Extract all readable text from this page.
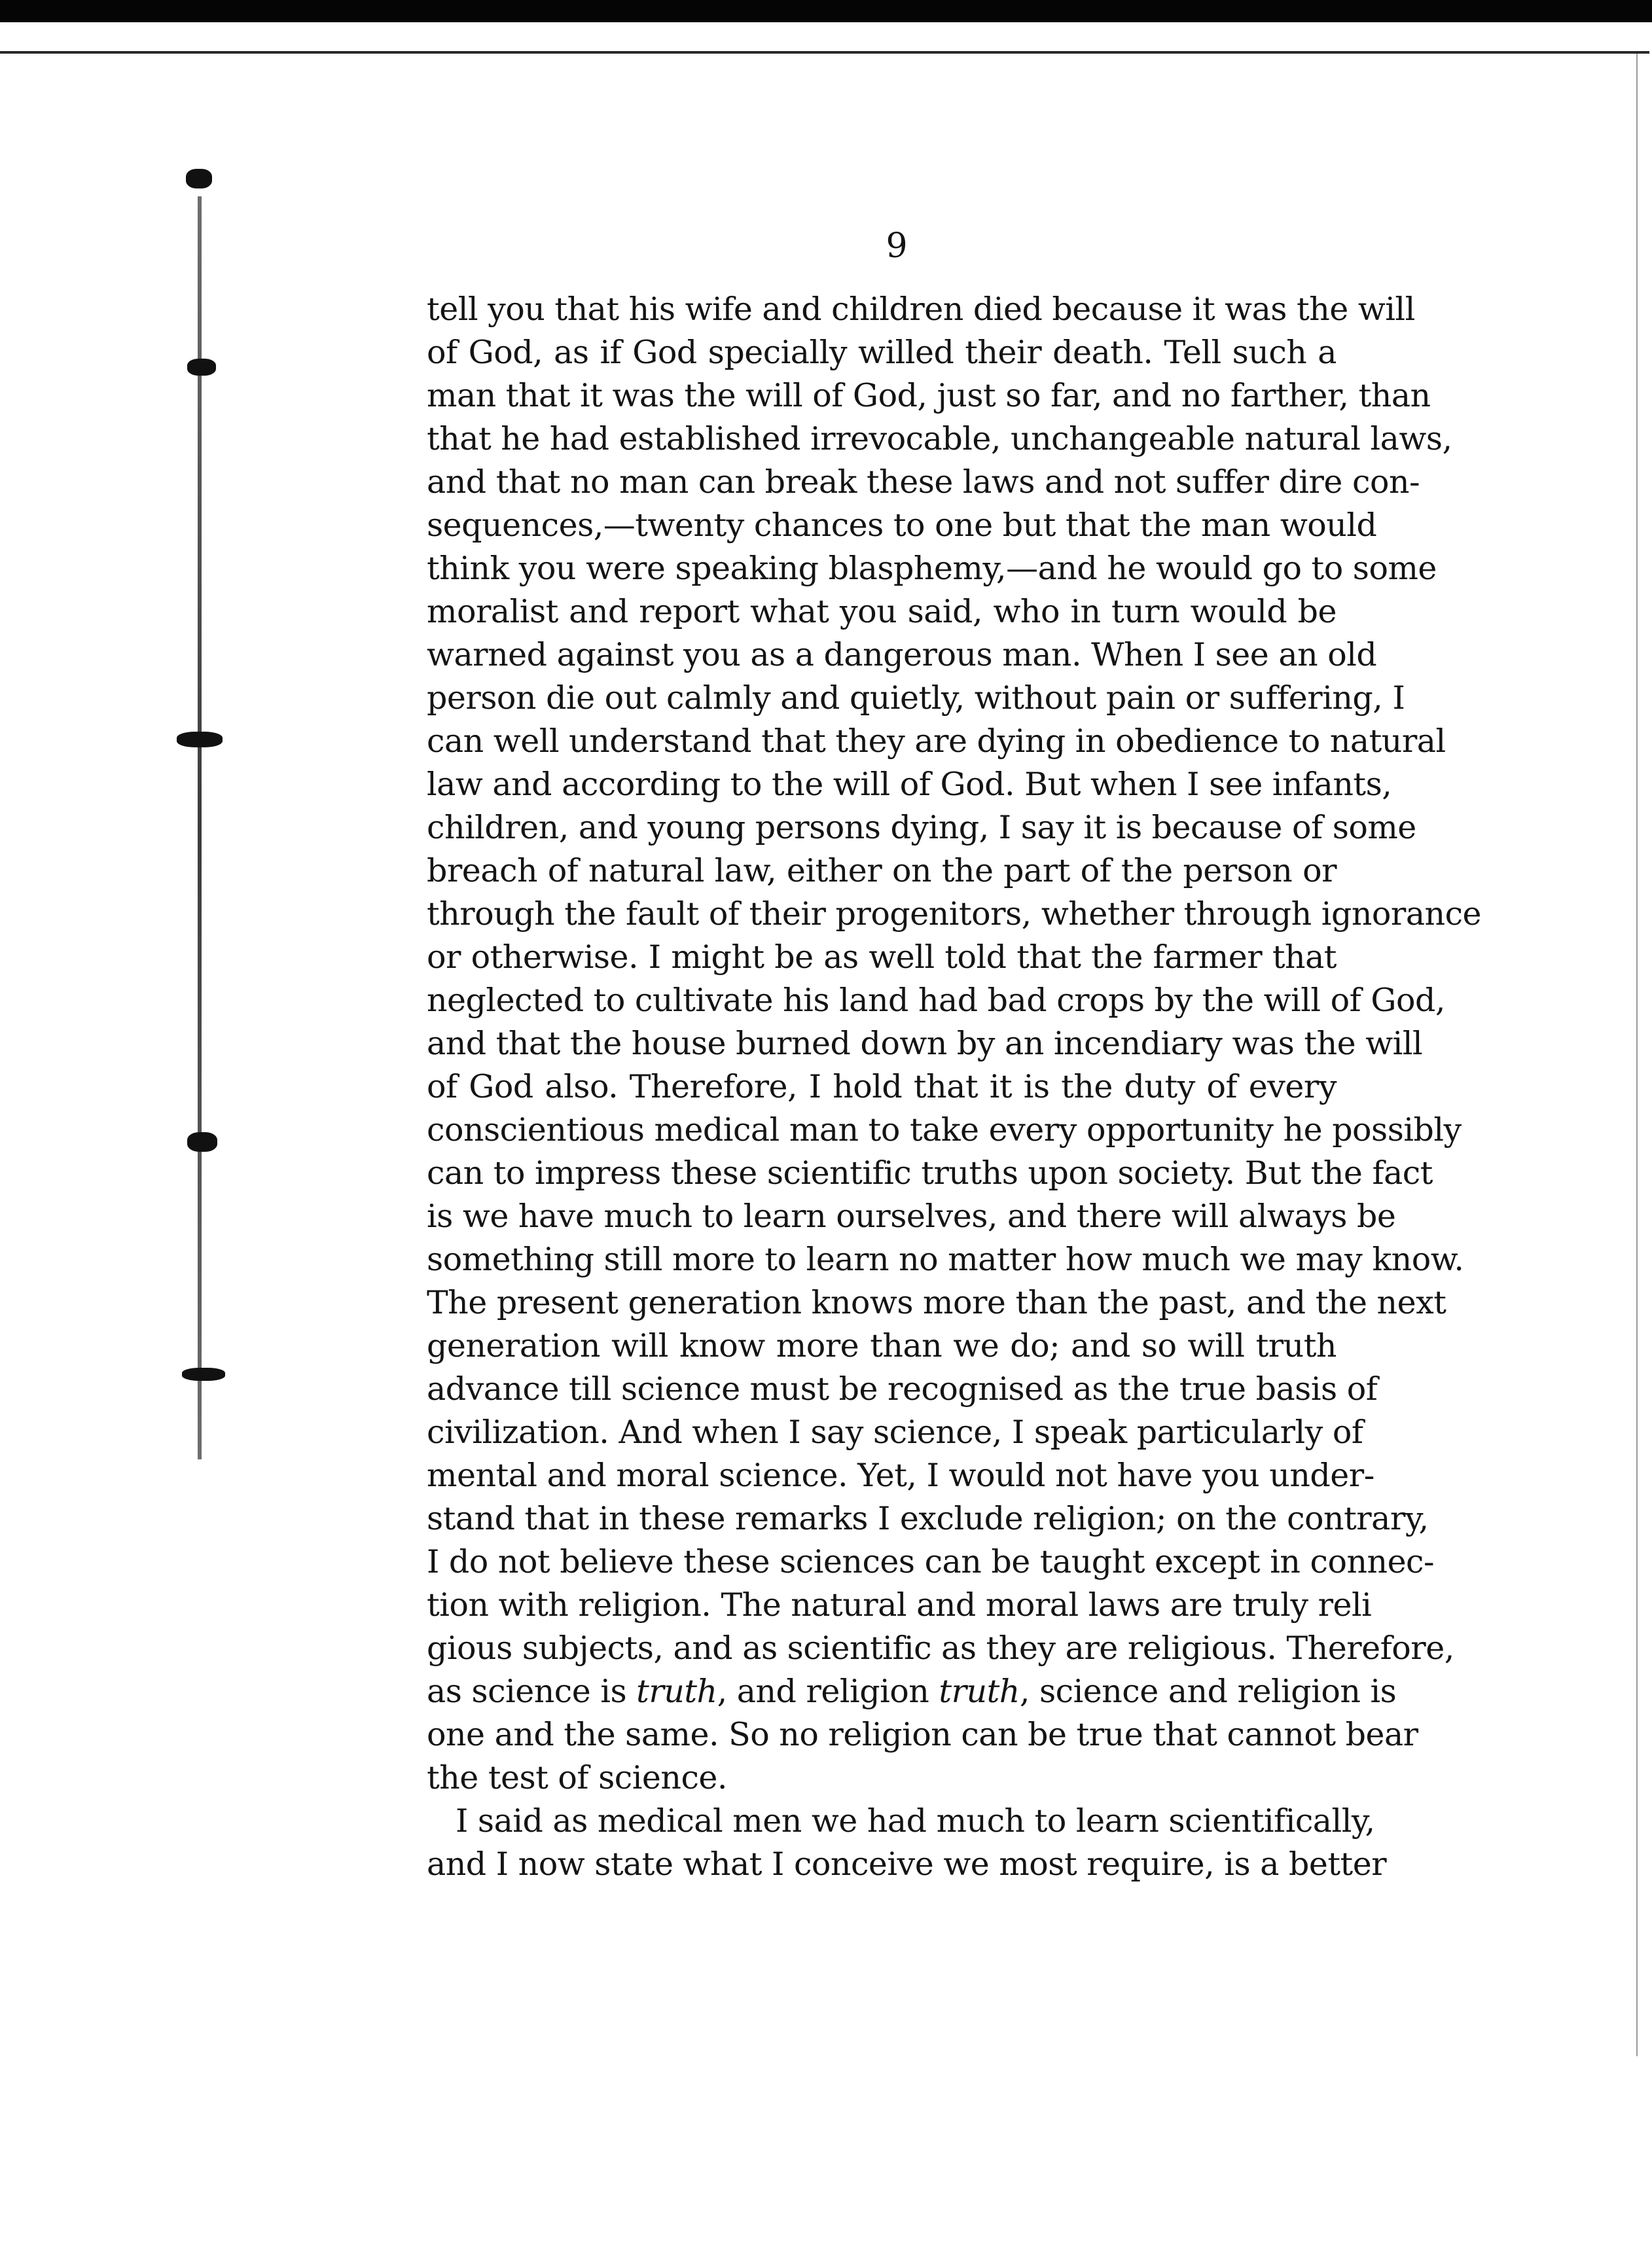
9
tell you that his wife and children died because it was the will
of God, as if God specially willed their death. Tell such a
man that it was the will of God, just so far, and no farther, than
that he had established irrevocable, unchangeable natural laws,
and that no man can break these laws and not suffer dire con-
sequences,—twenty chances to one but that the man would
think you were speaking blasphemy,—and he would go to some
moralist and report what you said, who in turn would be
warned against you as a dangerous man. When I see an old
person die out calmly and quietly, without pain or suffering, I
can well understand that they are dying in obedience to natural
law and according to the will of God. But when I see infants,
children, and young persons dying, I say it is because of some
breach of natural law, either on the part of the person or
through the fault of their progenitors, whether through ignorance
or otherwise. I might be as well told that the farmer that
neglected to cultivate his land had bad crops by the will of God,
and that the house burned down by an incendiary was the will
of God also. Therefore, I hold that it is the duty of every
conscientious medical man to take every opportunity he possibly
can to impress these scientific truths upon society. But the fact
is we have much to learn ourselves, and there will always be
something still more to learn no matter how much we may know.
The present generation knows more than the past, and the next
generation will know more than we do; and so will truth
advance till science must be recognised as the true basis of
civilization. And when I say science, I speak particularly of
mental and moral science. Yet, I would not have you under-
stand that in these remarks I exclude religion; on the contrary,
I do not believe these sciences can be taught except in connec-
tion with religion. The natural and moral laws are truly reli
gious subjects, and as scientific as they are religious. Therefore,
as science is truth, and religion truth, science and religion is
one and the same. So no religion can be true that cannot bear
the test of science.
I said as medical men we had much to learn scientifically,
and I now state what I conceive we most require, is a better
